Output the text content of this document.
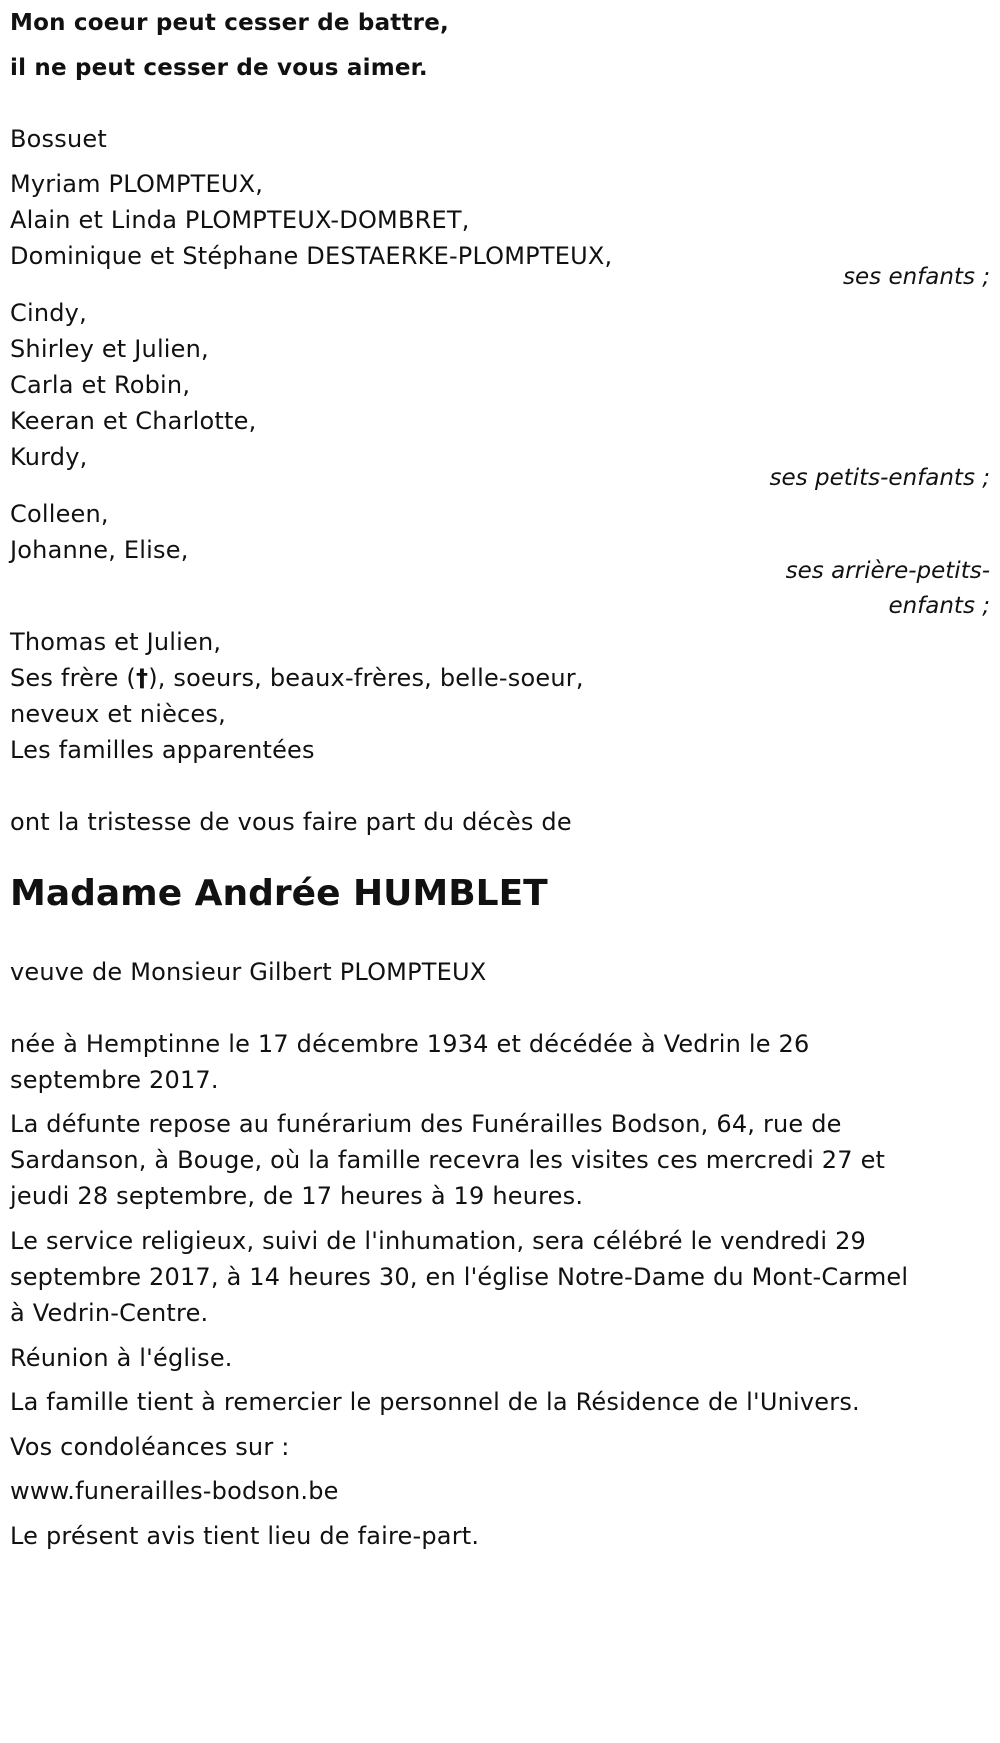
Mon coeur peut cesser de battre,
il ne peut cesser de vous aimer.
Bossuet
Myriam PLOMPTEUX,
Alain et Linda PLOMPTEUX-DOMBRET,
Dominique et Stéphane DESTAERKE-PLOMPTEUX,
ses enfants ;
Cindy,
Shirley et Julien,
Carla et Robin,
Keeran et Charlotte,
Kurdy,
ses petits-enfants ;
Colleen,
Johanne, Elise,
ses arrière-petits-
enfants ;
Thomas et Julien,
Ses frère (†), soeurs, beaux-frères, belle-soeur,
neveux et nièces,
Les familles apparentées
ont la tristesse de vous faire part du décès de
Madame Andrée HUMBLET
veuve de Monsieur Gilbert PLOMPTEUX
née à Hemptinne le 17 décembre 1934 et décédée à Vedrin le 26
septembre 2017.
La défunte repose au funérarium des Funérailles Bodson, 64, rue de
Sardanson, à Bouge, où la famille recevra les visites ces mercredi 27 et
jeudi 28 septembre, de 17 heures à 19 heures.
Le service religieux, suivi de l'inhumation, sera célébré le vendredi 29
septembre 2017, à 14 heures 30, en l'église Notre-Dame du Mont-Carmel
à Vedrin-Centre.
Réunion à l'église.
La famille tient à remercier le personnel de la Résidence de l'Univers.
Vos condoléances sur :
www.funerailles-bodson.be
Le présent avis tient lieu de faire-part.
